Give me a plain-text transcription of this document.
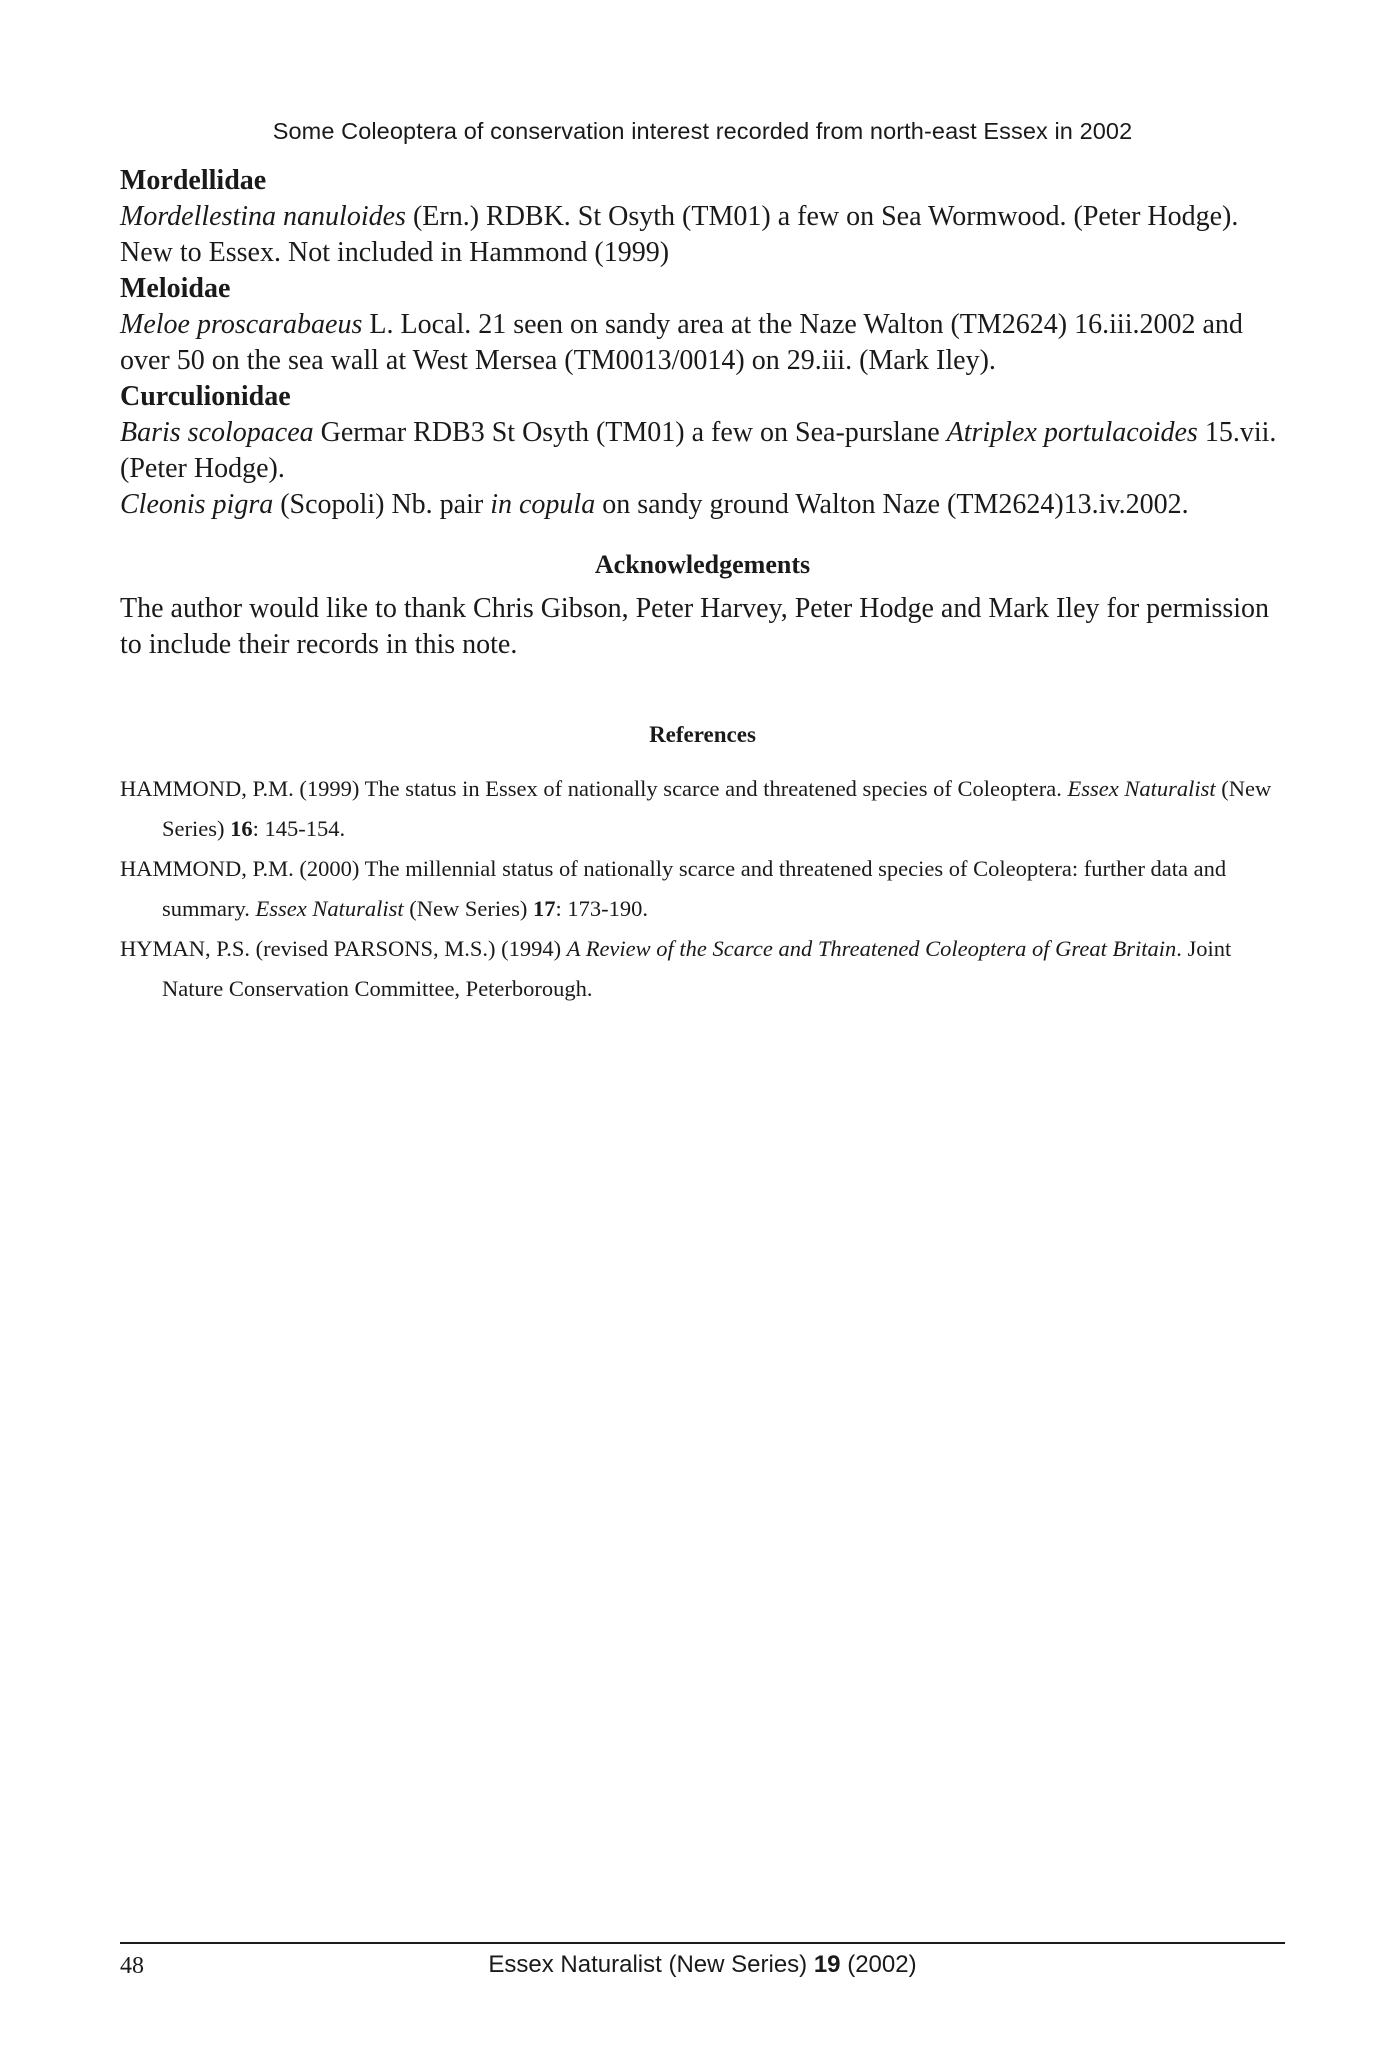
Some Coleoptera of conservation interest recorded from north-east Essex in 2002

Mordellidae

Mordellestina nanuloides (Ern.) RDBK. St Osyth (TM01) a few on Sea Wormwood. (Peter Hodge). New to Essex. Not included in Hammond (1999)

Meloidae

Meloe proscarabaeus L. Local. 21 seen on sandy area at the Naze Walton (TM2624) 16.iii.2002 and over 50 on the sea wall at West Mersea (TM0013/0014) on 29.iii. (Mark Iley).

Curculionidae

Baris scolopacea Germar RDB3 St Osyth (TM01) a few on Sea-purslane Atriplex portulacoides 15.vii. (Peter Hodge).

Cleonis pigra (Scopoli) Nb. pair in copula on sandy ground Walton Naze (TM2624)13.iv.2002.

Acknowledgements

The author would like to thank Chris Gibson, Peter Harvey, Peter Hodge and Mark Iley for permission to include their records in this note.

References

HAMMOND, P.M. (1999) The status in Essex of nationally scarce and threatened species of Coleoptera. Essex Naturalist (New Series) 16: 145-154.

HAMMOND, P.M. (2000) The millennial status of nationally scarce and threatened species of Coleoptera: further data and summary. Essex Naturalist (New Series) 17: 173-190.

HYMAN, P.S. (revised PARSONS, M.S.) (1994) A Review of the Scarce and Threatened Coleoptera of Great Britain. Joint Nature Conservation Committee, Peterborough.

48	Essex Naturalist (New Series) 19 (2002)
